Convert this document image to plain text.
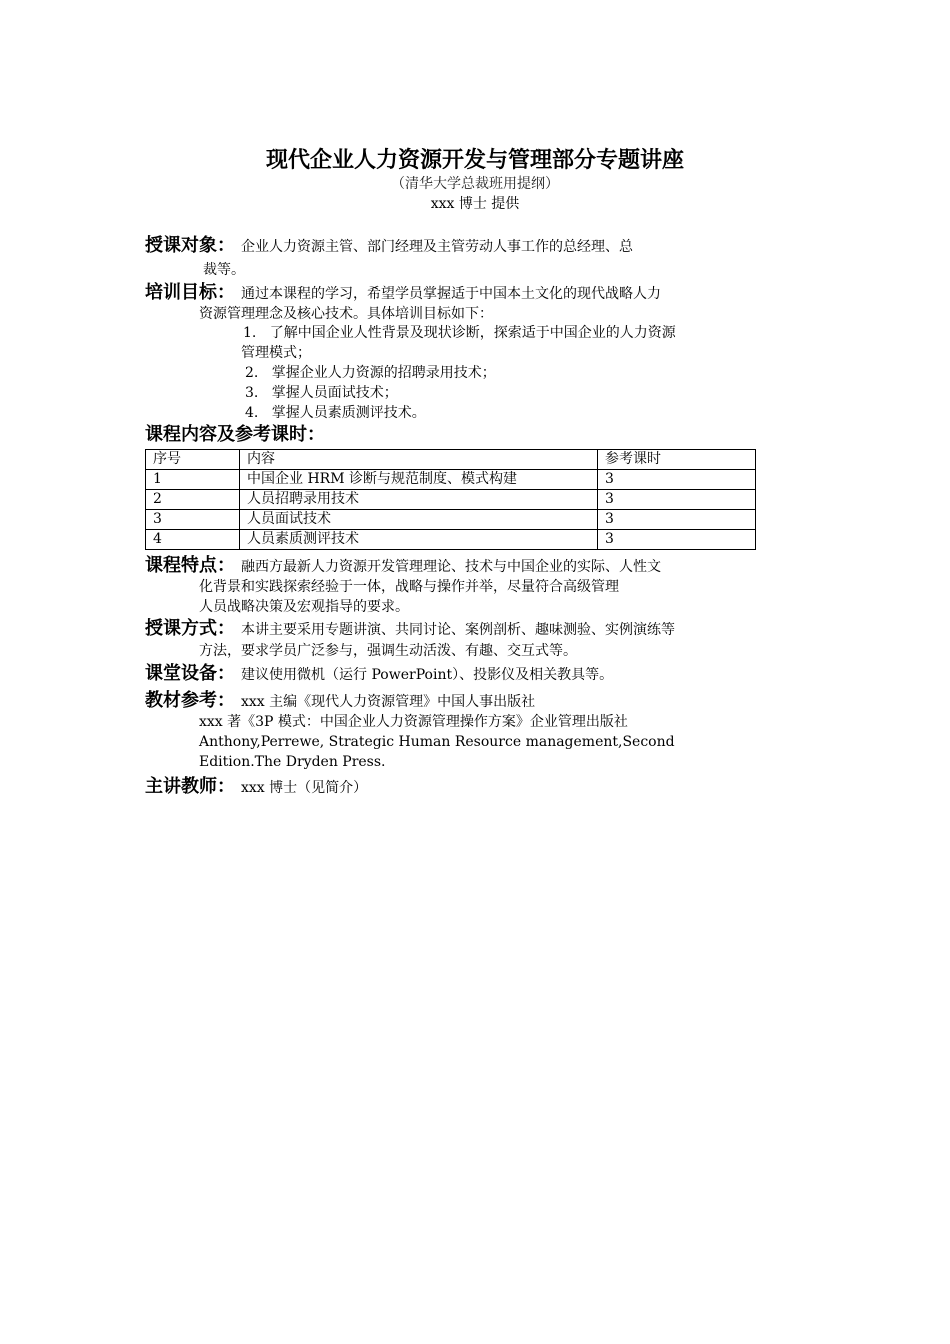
现代企业人力资源开发与管理部分专题讲座
（清华大学总裁班用提纲）
xxx 博士 提供
授课对象： 企业人力资源主管、部门经理及主管劳动人事工作的总经理、总
裁等。
培训目标： 通过本课程的学习，希望学员掌握适于中国本土文化的现代战略人力
资源管理理念及核心技术。具体培训目标如下：
1. 了解中国企业人性背景及现状诊断，探索适于中国企业的人力资源
管理模式；
2. 掌握企业人力资源的招聘录用技术；
3. 掌握人员面试技术；
4. 掌握人员素质测评技术。
课程内容及参考课时：
序号	内容	参考课时
1	中国企业 HRM 诊断与规范制度、模式构建	3
2	人员招聘录用技术	3
3	人员面试技术	3
4	人员素质测评技术	3
课程特点： 融西方最新人力资源开发管理理论、技术与中国企业的实际、人性文
化背景和实践探索经验于一体，战略与操作并举，尽量符合高级管理
人员战略决策及宏观指导的要求。
授课方式： 本讲主要采用专题讲演、共同讨论、案例剖析、趣味测验、实例演练等
方法，要求学员广泛参与，强调生动活泼、有趣、交互式等。
课堂设备： 建议使用微机（运行 PowerPoint）、投影仪及相关教具等。
教材参考： xxx 主编《现代人力资源管理》中国人事出版社
xxx 著《3P 模式：中国企业人力资源管理操作方案》企业管理出版社
Anthony,Perrewe, Strategic Human Resource management,Second
Edition.The Dryden Press.
主讲教师： xxx 博士（见简介）
